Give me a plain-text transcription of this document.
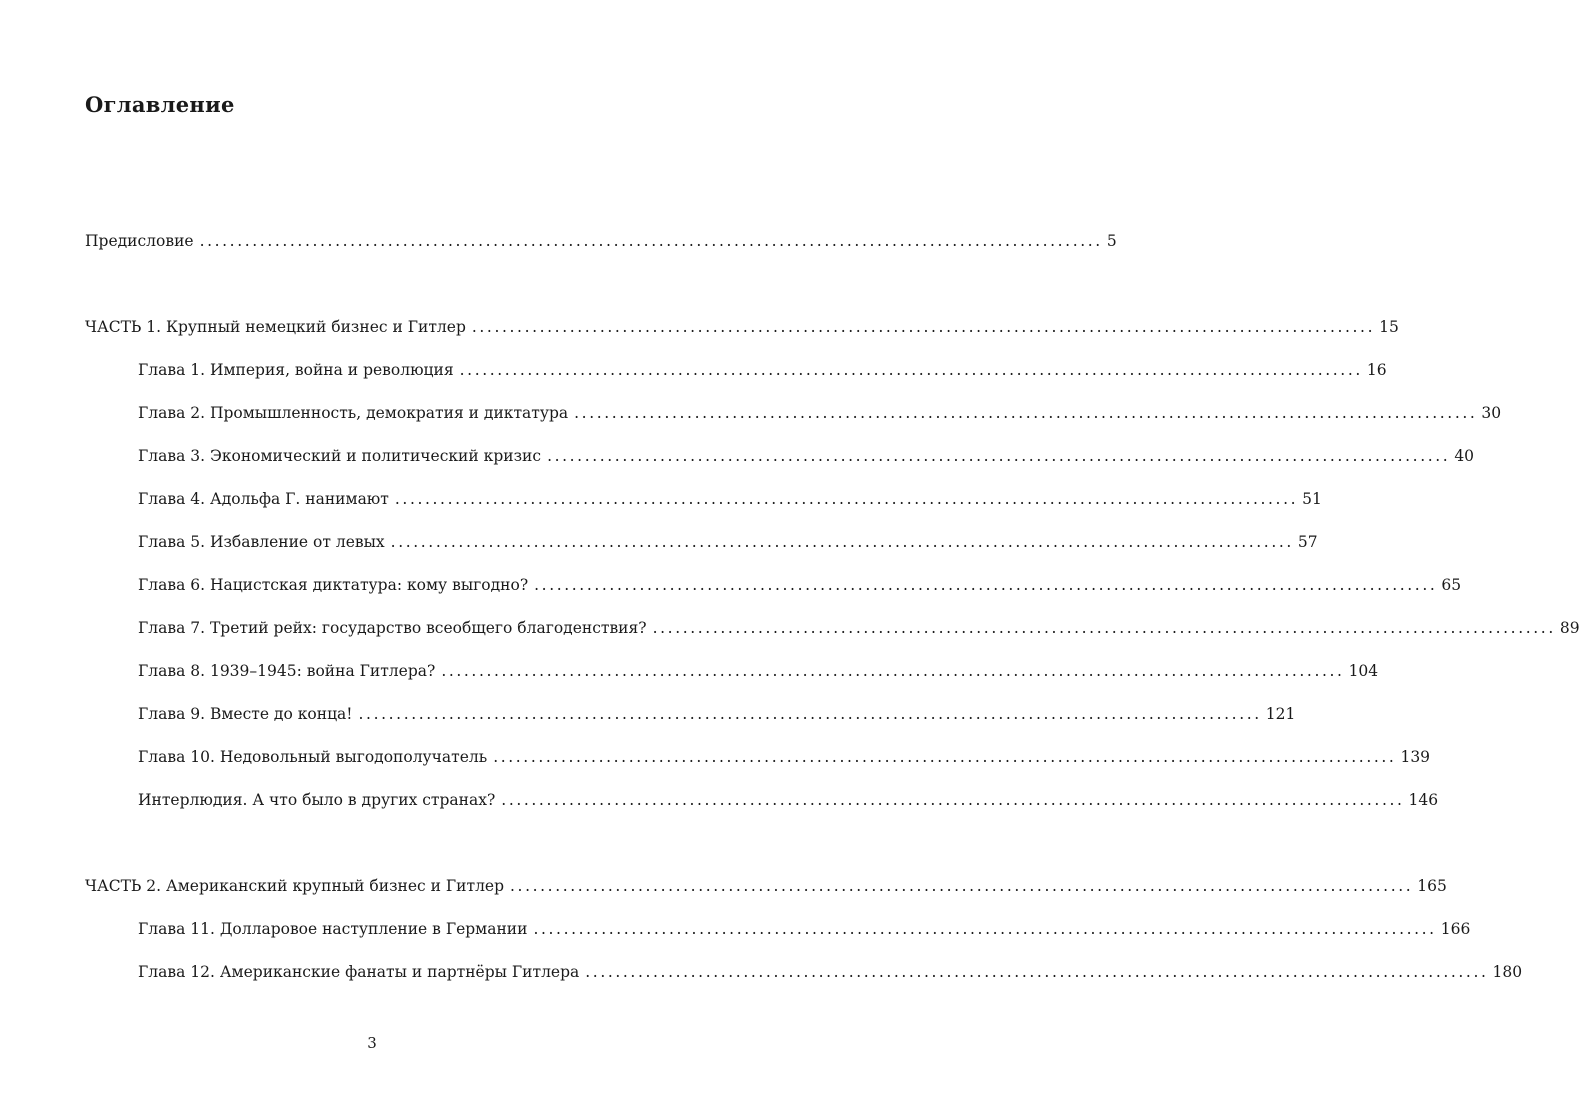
Оглавление
Предисловие ........................................................................................................................ 5
ЧАСТЬ 1. Крупный немецкий бизнес и Гитлер ........................................................................................................................ 15
Глава 1. Империя, война и революция ........................................................................................................................ 16
Глава 2. Промышленность, демократия и диктатура ........................................................................................................................ 30
Глава 3. Экономический и политический кризис ........................................................................................................................ 40
Глава 4. Адольфа Г. нанимают ........................................................................................................................ 51
Глава 5. Избавление от левых ........................................................................................................................ 57
Глава 6. Нацистская диктатура: кому выгодно? ........................................................................................................................ 65
Глава 7. Третий рейх: государство всеобщего благоденствия? ........................................................................................................................ 89
Глава 8. 1939–1945: война Гитлера? ........................................................................................................................ 104
Глава 9. Вместе до конца! ........................................................................................................................ 121
Глава 10. Недовольный выгодополучатель ........................................................................................................................ 139
Интерлюдия. А что было в других странах? ........................................................................................................................ 146
ЧАСТЬ 2. Американский крупный бизнес и Гитлер ........................................................................................................................ 165
Глава 11. Долларовое наступление в Германии ........................................................................................................................ 166
Глава 12. Американские фанаты и партнёры Гитлера ........................................................................................................................ 180
3
